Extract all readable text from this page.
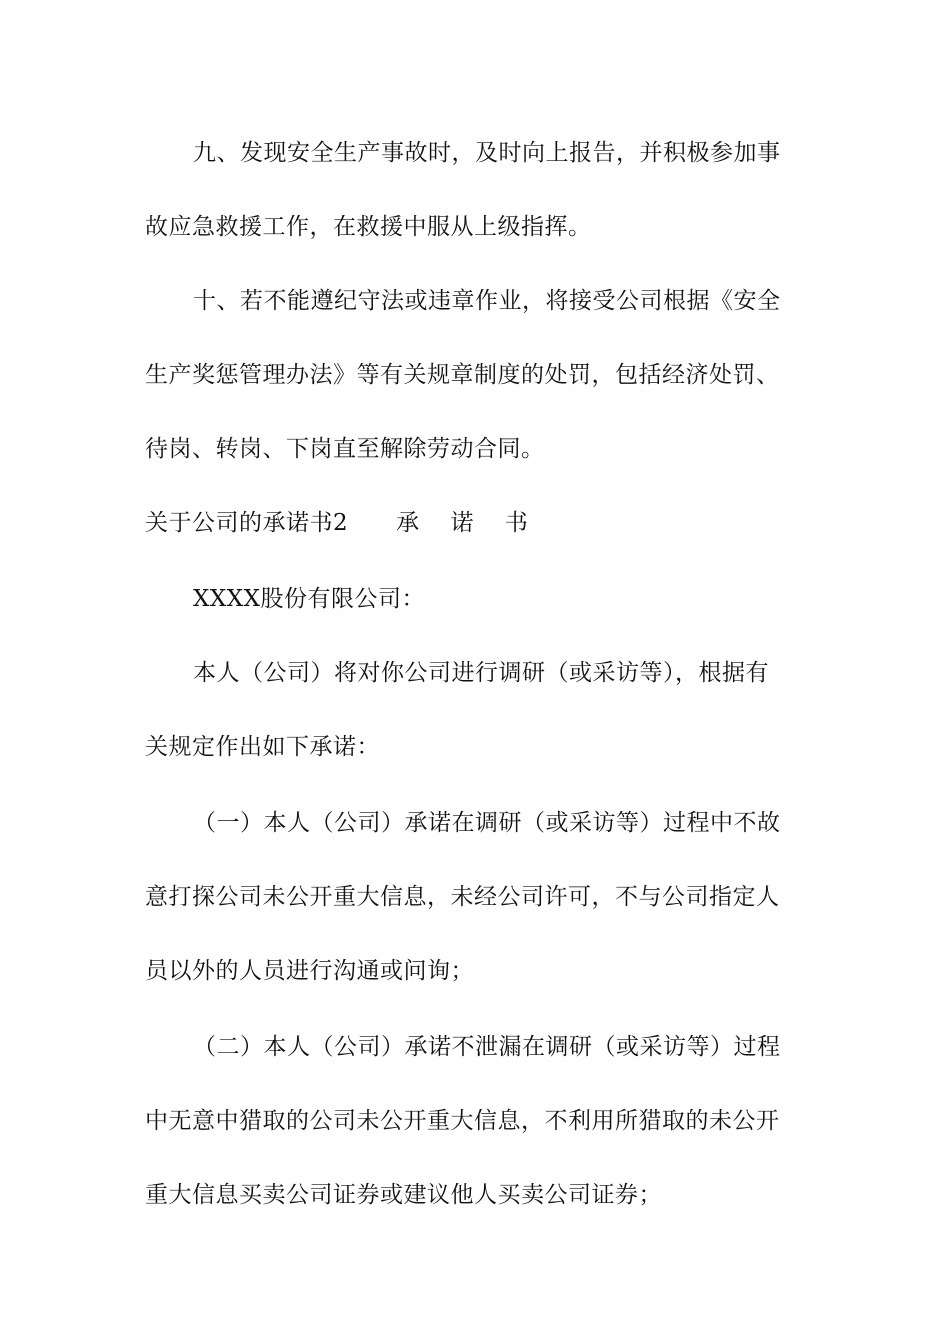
九、发现安全生产事故时，及时向上报告，并积极参加事
故应急救援工作，在救援中服从上级指挥。
十、若不能遵纪守法或违章作业，将接受公司根据《安全
生产奖惩管理办法》等有关规章制度的处罚，包括经济处罚、
待岗、转岗、下岗直至解除劳动合同。
关于公司的承诺书2 承 诺 书
XXXX股份有限公司：
本人（公司）将对你公司进行调研（或采访等），根据有
关规定作出如下承诺：
（一）本人（公司）承诺在调研（或采访等）过程中不故
意打探公司未公开重大信息，未经公司许可，不与公司指定人
员以外的人员进行沟通或问询；
（二）本人（公司）承诺不泄漏在调研（或采访等）过程
中无意中猎取的公司未公开重大信息，不利用所猎取的未公开
重大信息买卖公司证券或建议他人买卖公司证券；
